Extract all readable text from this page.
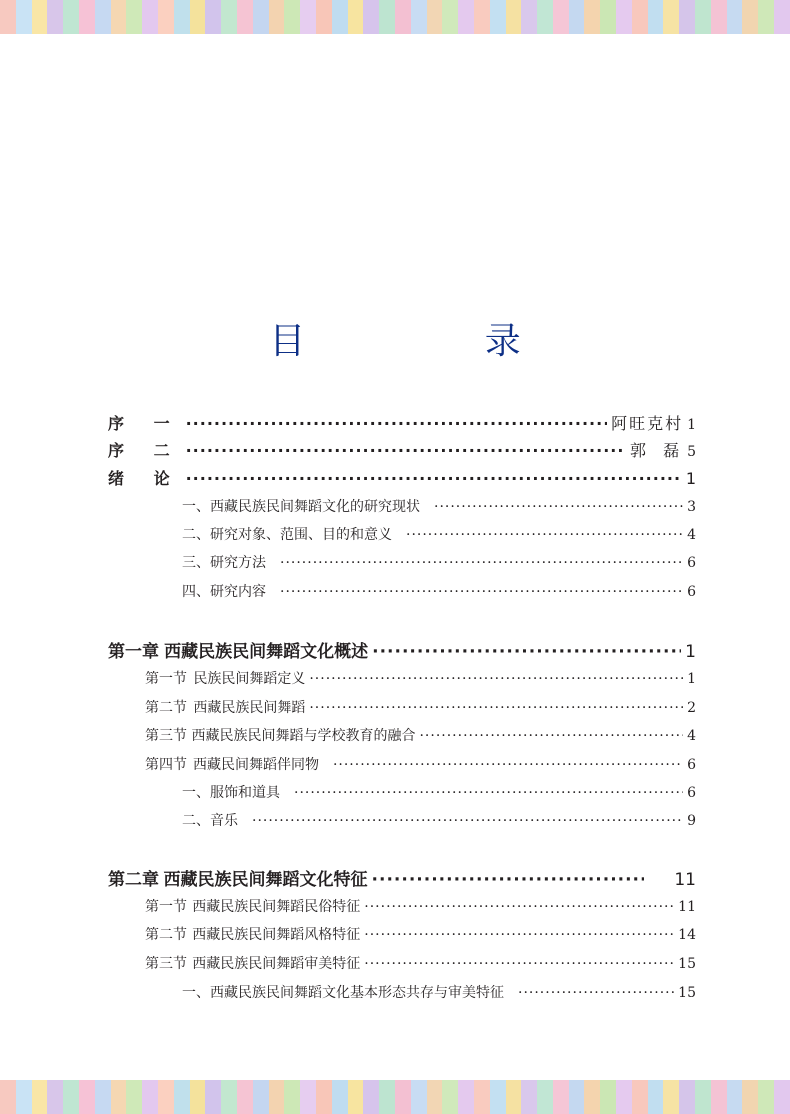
目 录
序 一 ·····	阿旺克村 1
序 二 ·····	郭 磊 5
绪 论 ·····	1
一、西藏民族民间舞蹈文化的研究现状 ·····	3
二、研究对象、范围、目的和意义 ·····	4
三、研究方法 ·····	6
四、研究内容 ·····	6
第一章 西藏民族民间舞蹈文化概述 ·····	1
第一节 民族民间舞蹈定义 ·····	1
第二节 西藏民族民间舞蹈 ·····	2
第三节 西藏民族民间舞蹈与学校教育的融合 ·····	4
第四节 西藏民间舞蹈伴同物 ·····	6
一、服饰和道具 ·····	6
二、音乐 ·····	9
第二章 西藏民族民间舞蹈文化特征 ·····	11
第一节 西藏民族民间舞蹈民俗特征 ·····	11
第二节 西藏民族民间舞蹈风格特征 ·····	14
第三节 西藏民族民间舞蹈审美特征 ·····	15
一、西藏民族民间舞蹈文化基本形态共存与审美特征 ·····	15
